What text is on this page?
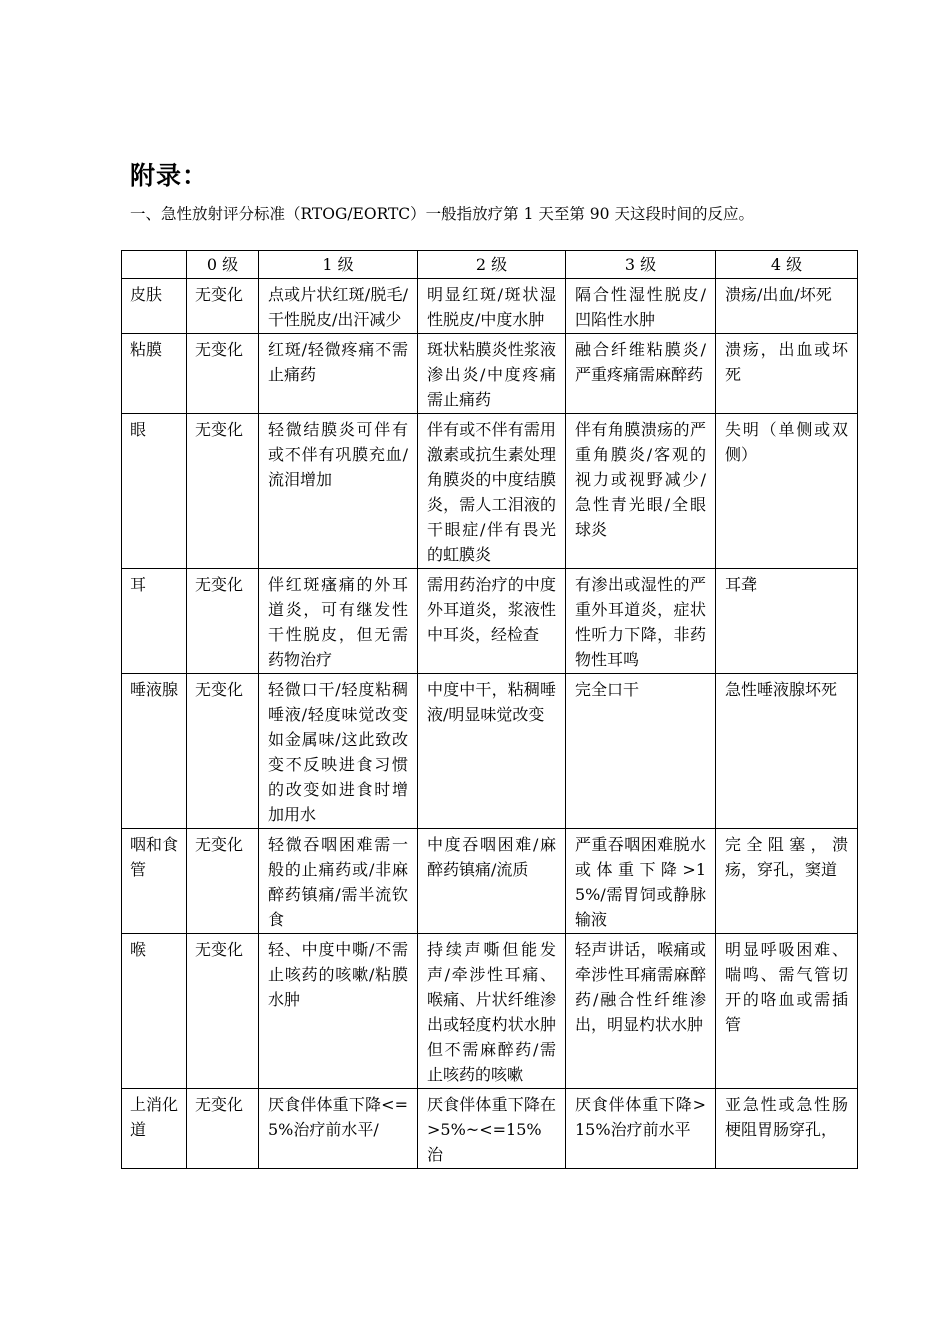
附录：
一、急性放射评分标准（RTOG/EORTC）一般指放疗第 1 天至第 90 天这段时间的反应。
	0 级	1 级	2 级	3 级	4 级
皮肤	无变化	点或片状红斑/脱毛/干性脱皮/出汗减少	明显红斑/斑状湿性脱皮/中度水肿	隔合性湿性脱皮/凹陷性水肿	溃疡/出血/坏死
粘膜	无变化	红斑/轻微疼痛不需止痛药	斑状粘膜炎性浆液渗出炎/中度疼痛需止痛药	融合纤维粘膜炎/严重疼痛需麻醉药	溃疡，出血或坏死
眼	无变化	轻微结膜炎可伴有或不伴有巩膜充血/流泪增加	伴有或不伴有需用激素或抗生素处理角膜炎的中度结膜炎，需人工泪液的干眼症/伴有畏光的虹膜炎	伴有角膜溃疡的严重角膜炎/客观的视力或视野减少/急性青光眼/全眼球炎	失明（单侧或双侧）
耳	无变化	伴红斑瘙痛的外耳道炎，可有继发性干性脱皮，但无需药物治疗	需用药治疗的中度外耳道炎，浆液性中耳炎，经检查	有渗出或湿性的严重外耳道炎，症状性听力下降，非药物性耳鸣	耳聋
唾液腺	无变化	轻微口干/轻度粘稠唾液/轻度味觉改变如金属味/这此致改变不反映进食习惯的改变如进食时增加用水	中度中干，粘稠唾液/明显味觉改变	完全口干	急性唾液腺坏死
咽和食管	无变化	轻微吞咽困难需一般的止痛药或/非麻醉药镇痛/需半流钦食	中度吞咽困难/麻醉药镇痛/流质	严重吞咽困难脱水或体重下降>15%/需胃饲或静脉输液	完全阻塞，溃疡，穿孔，窦道
喉	无变化	轻、中度中嘶/不需止咳药的咳嗽/粘膜水肿	持续声嘶但能发声/牵涉性耳痛、喉痛、片状纤维渗出或轻度杓状水肿但不需麻醉药/需止咳药的咳嗽	轻声讲话，喉痛或牵涉性耳痛需麻醉药/融合性纤维渗出，明显杓状水肿	明显呼吸困难、喘鸣、需气管切开的咯血或需插管
上消化道	无变化	厌食伴体重下降<=5%治疗前水平/	厌食伴体重下降在>5%~<=15%治	厌食伴体重下降>15%治疗前水平	亚急性或急性肠梗阻胃肠穿孔，
